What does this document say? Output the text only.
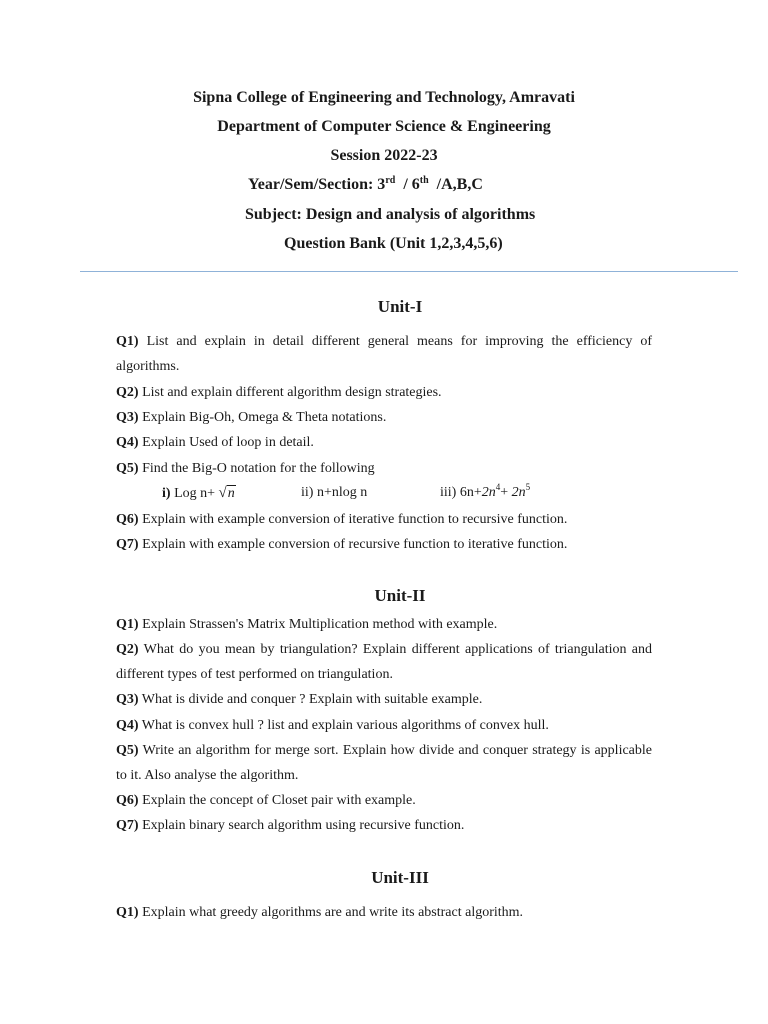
Sipna College of Engineering and Technology, Amravati
Department of Computer Science & Engineering
Session 2022-23
Year/Sem/Section: 3rd  / 6th  /A,B,C
Subject: Design and analysis of algorithms
Question Bank (Unit 1,2,3,4,5,6)
Unit-I
Q1) List and explain in detail different general means for improving the efficiency of algorithms.
Q2) List and explain different algorithm design strategies.
Q3) Explain Big-Oh, Omega & Theta notations.
Q4) Explain Used of loop in detail.
Q5) Find the Big-O notation for the following
i) Log n+ √n	ii) n+nlog n	iii) $6n+2n^4+ 2n^5$
Q6) Explain with example conversion of iterative function to recursive function.
Q7) Explain with example conversion of recursive function to iterative function.
Unit-II
Q1) Explain Strassen's Matrix Multiplication method with example.
Q2) What do you mean by triangulation? Explain different applications of triangulation and different types of test performed on triangulation.
Q3) What is divide and conquer ? Explain with suitable example.
Q4) What is convex hull ? list and explain various algorithms of convex hull.
Q5) Write an algorithm for merge sort. Explain how divide and conquer strategy is applicable to it. Also analyse the algorithm.
Q6) Explain the concept of Closet pair with example.
Q7) Explain binary search algorithm using recursive function.
Unit-III
Q1) Explain what greedy algorithms are and write its abstract algorithm.
